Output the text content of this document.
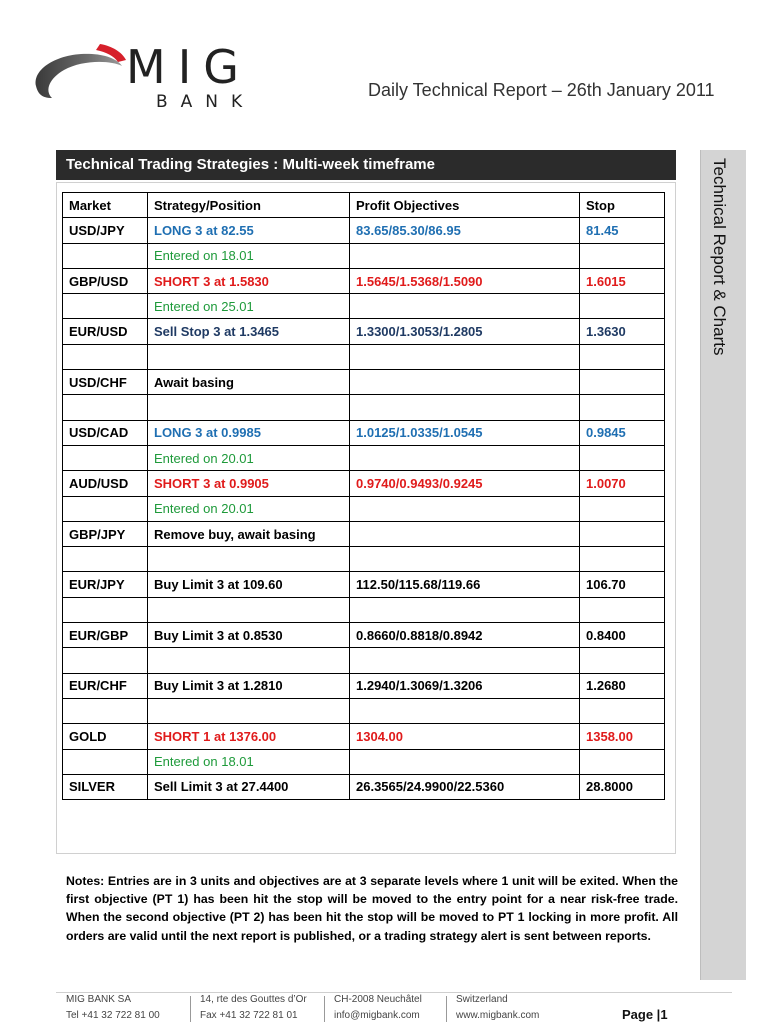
MIG
BANK
Daily Technical Report – 26th January 2011
Technical Report & Charts
Technical Trading Strategies : Multi-week timeframe
Market	Strategy/Position	Profit Objectives	Stop
USD/JPY	LONG 3 at 82.55	83.65/85.30/86.95	81.45
	Entered on 18.01		
GBP/USD	SHORT 3 at 1.5830	1.5645/1.5368/1.5090	1.6015
	Entered on 25.01		
EUR/USD	Sell Stop 3 at 1.3465	1.3300/1.3053/1.2805	1.3630

USD/CHF	Await basing		

USD/CAD	LONG 3 at 0.9985	1.0125/1.0335/1.0545	0.9845
	Entered on 20.01		
AUD/USD	SHORT 3 at 0.9905	0.9740/0.9493/0.9245	1.0070
	Entered on 20.01		
GBP/JPY	Remove buy, await basing		

EUR/JPY	Buy Limit 3 at 109.60	112.50/115.68/119.66	106.70

EUR/GBP	Buy Limit 3 at 0.8530	0.8660/0.8818/0.8942	0.8400

EUR/CHF	Buy Limit 3 at 1.2810	1.2940/1.3069/1.3206	1.2680

GOLD	SHORT 1 at 1376.00	1304.00	1358.00
	Entered on 18.01		
SILVER	Sell Limit 3 at 27.4400	26.3565/24.9900/22.5360	28.8000
Notes: Entries are in 3 units and objectives are at 3 separate levels where 1 unit will be exited. When the first objective (PT 1) has been hit the stop will be moved to the entry point for a near risk-free trade. When the second objective (PT 2) has been hit the stop will be moved to PT 1 locking in more profit. All orders are valid until the next report is published, or a trading strategy alert is sent between reports.
MIG BANK SA
Tel +41 32 722 81 00
14, rte des Gouttes d’Or
Fax +41 32 722 81 01
CH-2008 Neuchâtel
info@migbank.com
Switzerland
www.migbank.com	Page |1
